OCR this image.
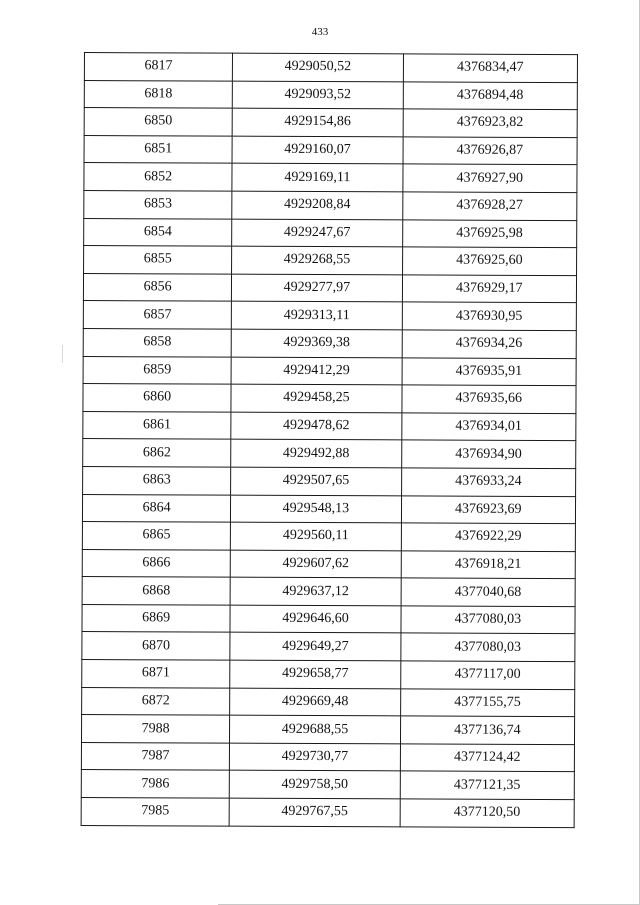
433
6817	4929050,52	4376834,47
6818	4929093,52	4376894,48
6850	4929154,86	4376923,82
6851	4929160,07	4376926,87
6852	4929169,11	4376927,90
6853	4929208,84	4376928,27
6854	4929247,67	4376925,98
6855	4929268,55	4376925,60
6856	4929277,97	4376929,17
6857	4929313,11	4376930,95
6858	4929369,38	4376934,26
6859	4929412,29	4376935,91
6860	4929458,25	4376935,66
6861	4929478,62	4376934,01
6862	4929492,88	4376934,90
6863	4929507,65	4376933,24
6864	4929548,13	4376923,69
6865	4929560,11	4376922,29
6866	4929607,62	4376918,21
6868	4929637,12	4377040,68
6869	4929646,60	4377080,03
6870	4929649,27	4377080,03
6871	4929658,77	4377117,00
6872	4929669,48	4377155,75
7988	4929688,55	4377136,74
7987	4929730,77	4377124,42
7986	4929758,50	4377121,35
7985	4929767,55	4377120,50
